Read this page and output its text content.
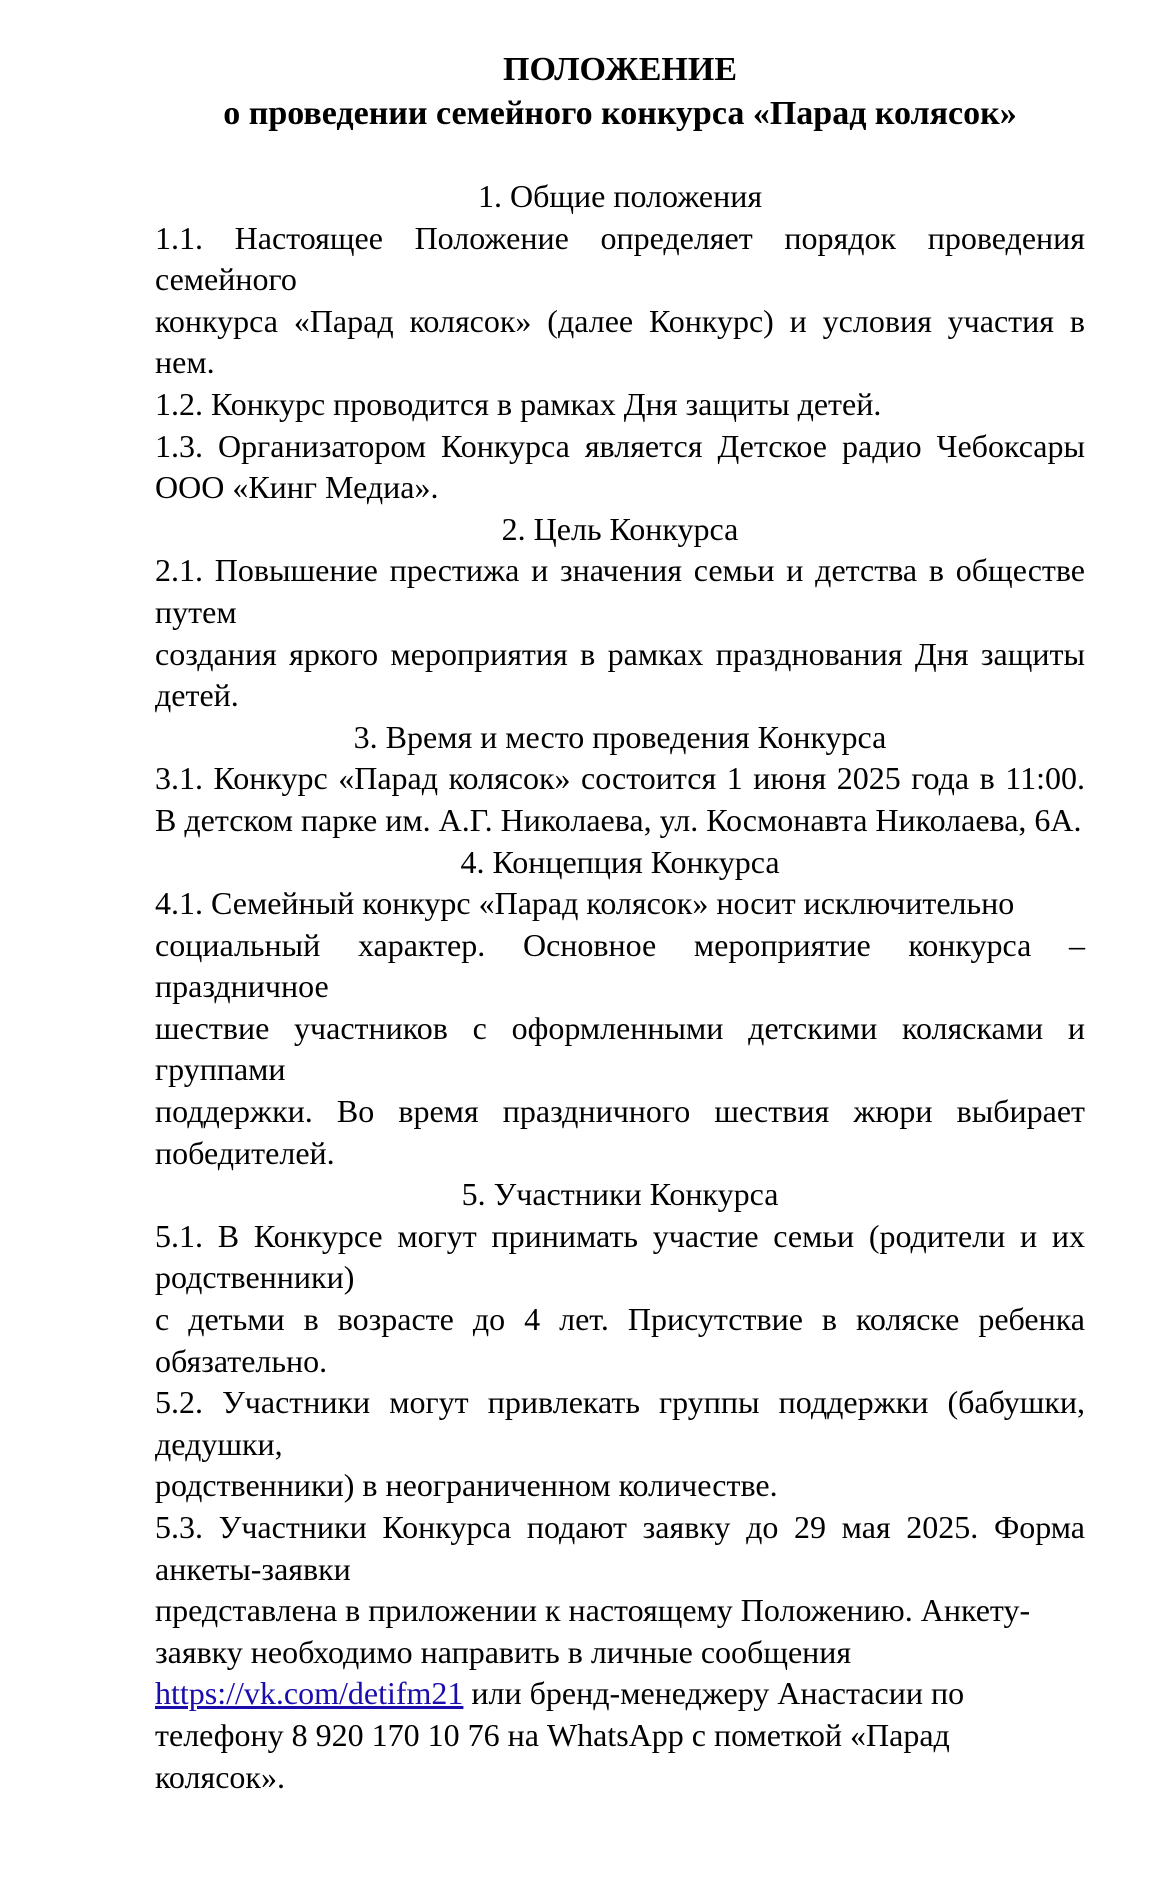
ПОЛОЖЕНИЕ
о проведении семейного конкурса «Парад колясок»

1. Общие положения

1.1. Настоящее Положение определяет порядок проведения семейного

конкурса «Парад колясок» (далее Конкурс) и условия участия в нем.

1.2. Конкурс проводится в рамках Дня защиты детей.

1.3. Организатором Конкурса является Детское радио Чебоксары ООО «Кинг Медиа».

2. Цель Конкурса

2.1. Повышение престижа и значения семьи и детства в обществе путем

создания яркого мероприятия в рамках празднования Дня защиты детей.

3. Время и место проведения Конкурса

3.1. Конкурс «Парад колясок» состоится 1 июня 2025 года в 11:00. В детском парке им. А.Г. Николаева, ул. Космонавта Николаева, 6А.

4. Концепция Конкурса

4.1. Семейный конкурс «Парад колясок» носит исключительно

социальный характер. Основное мероприятие конкурса – праздничное

шествие участников с оформленными детскими колясками и группами

поддержки. Во время праздничного шествия жюри выбирает победителей.

5. Участники Конкурса

5.1. В Конкурсе могут принимать участие семьи (родители и их родственники)

с детьми в возрасте до 4 лет. Присутствие в коляске ребенка обязательно.

5.2. Участники могут привлекать группы поддержки (бабушки, дедушки,

родственники) в неограниченном количестве.

5.3. Участники Конкурса подают заявку до 29 мая 2025. Форма анкеты-заявки

представлена в приложении к настоящему Положению. Анкету-заявку необходимо направить в личные сообщения https://vk.com/detifm21 или бренд-менеджеру Анастасии по телефону 8 920 170 10 76 на WhatsApp с пометкой «Парад колясок».
